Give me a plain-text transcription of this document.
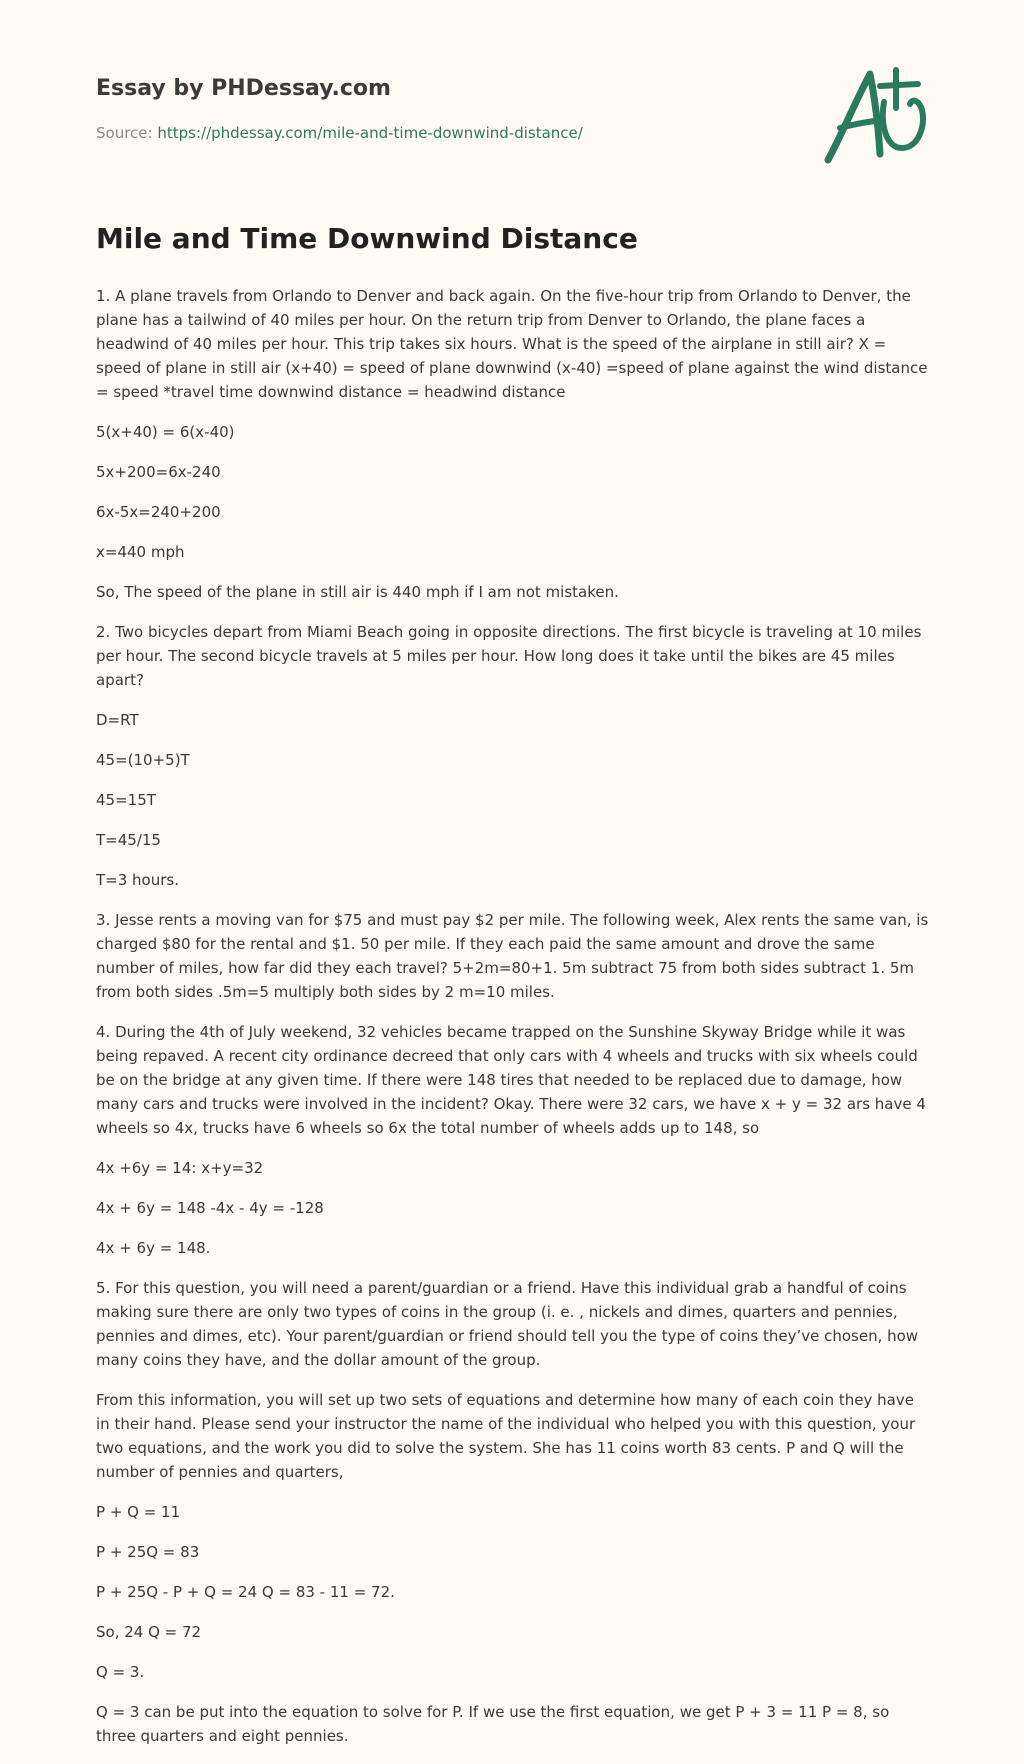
Essay by PHDessay.com
Source: https://phdessay.com/mile-and-time-downwind-distance/
Mile and Time Downwind Distance

1. A plane travels from Orlando to Denver and back again. On the five-hour trip from Orlando to Denver, the plane has a tailwind of 40 miles per hour. On the return trip from Denver to Orlando, the plane faces a headwind of 40 miles per hour. This trip takes six hours. What is the speed of the airplane in still air? X = speed of plane in still air (x+40) = speed of plane downwind (x-40) =speed of plane against the wind distance = speed *travel time downwind distance = headwind distance

5(x+40) = 6(x-40)

5x+200=6x-240

6x-5x=240+200

x=440 mph

So, The speed of the plane in still air is 440 mph if I am not mistaken.

2. Two bicycles depart from Miami Beach going in opposite directions. The first bicycle is traveling at 10 miles per hour. The second bicycle travels at 5 miles per hour. How long does it take until the bikes are 45 miles apart?

D=RT

45=(10+5)T

45=15T

T=45/15

T=3 hours.

3. Jesse rents a moving van for $75 and must pay $2 per mile. The following week, Alex rents the same van, is charged $80 for the rental and $1. 50 per mile. If they each paid the same amount and drove the same number of miles, how far did they each travel? 5+2m=80+1. 5m subtract 75 from both sides subtract 1. 5m from both sides .5m=5 multiply both sides by 2 m=10 miles.

4. During the 4th of July weekend, 32 vehicles became trapped on the Sunshine Skyway Bridge while it was being repaved. A recent city ordinance decreed that only cars with 4 wheels and trucks with six wheels could be on the bridge at any given time. If there were 148 tires that needed to be replaced due to damage, how many cars and trucks were involved in the incident? Okay. There were 32 cars, we have x + y = 32 ars have 4 wheels so 4x, trucks have 6 wheels so 6x the total number of wheels adds up to 148, so

4x +6y = 14: x+y=32

4x + 6y = 148 -4x - 4y = -128

4x + 6y = 148.

5. For this question, you will need a parent/guardian or a friend. Have this individual grab a handful of coins making sure there are only two types of coins in the group (i. e. , nickels and dimes, quarters and pennies, pennies and dimes, etc). Your parent/guardian or friend should tell you the type of coins they’ve chosen, how many coins they have, and the dollar amount of the group.

From this information, you will set up two sets of equations and determine how many of each coin they have in their hand. Please send your instructor the name of the individual who helped you with this question, your two equations, and the work you did to solve the system. She has 11 coins worth 83 cents. P and Q will the number of pennies and quarters,

P + Q = 11

P + 25Q = 83

P + 25Q - P + Q = 24 Q = 83 - 11 = 72.

So, 24 Q = 72

Q = 3.

Q = 3 can be put into the equation to solve for P. If we use the first equation, we get P + 3 = 11 P = 8, so three quarters and eight pennies.
